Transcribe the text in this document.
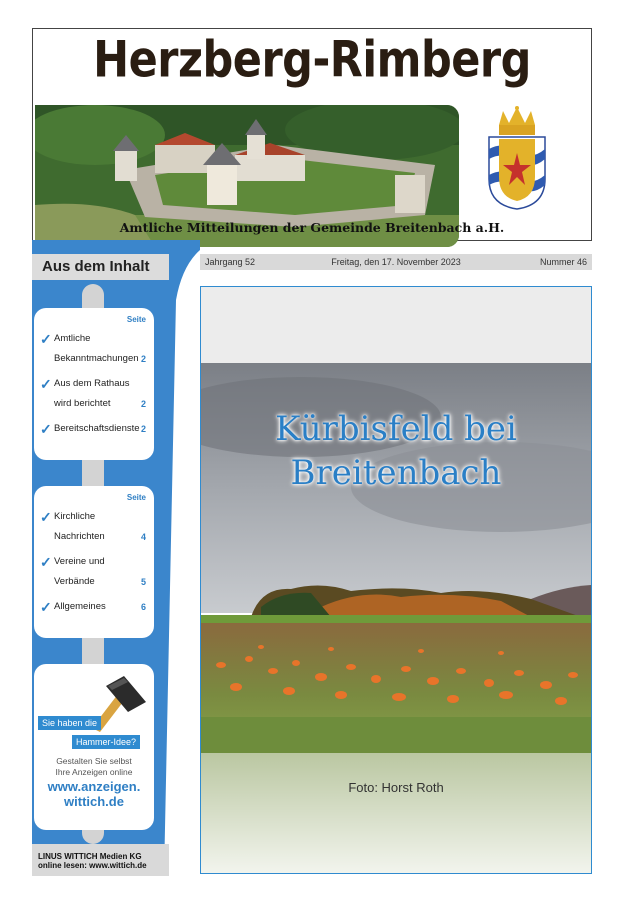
Herzberg-Rimberg
Amtliche Mitteilungen der Gemeinde Breitenbach a.H.
Aus dem Inhalt
Seite
✓ Amtliche
Bekanntmachungen 2
✓ Aus dem Rathaus
wird berichtet	2
✓ Bereitschaftsdienste 2
Seite
✓ Kirchliche
Nachrichten	4
✓ Vereine und
Verbände	5
✓ Allgemeines	6
Sie haben die
Hammer-Idee?
Gestalten Sie selbst
Ihre Anzeigen online
www.anzeigen.
wittich.de
LINUS WITTICH Medien KG
online lesen: www.wittich.de
Freitag, den 17. November 2023
Jahrgang 52	Nummer 46
Kürbisfeld bei
Breitenbach
Foto: Horst Roth
